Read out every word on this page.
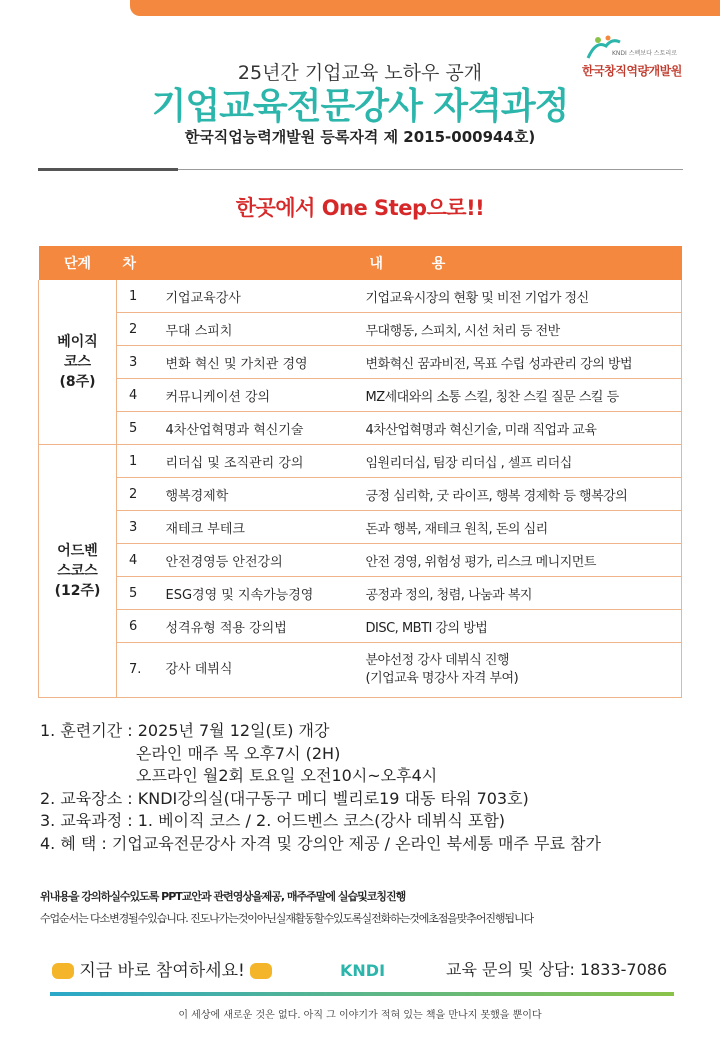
KNDI 스펙보다 스토리로
한국창직역량개발원
25년간 기업교육 노하우 공개
기업교육전문강사 자격과정
한국직업능력개발원 등록자격 제 2015-000944호)
한곳에서 One Step으로!!
단계	차		내          용
베이직
코스
(8주)	1	기업교육강사	기업교육시장의 현황 및 비전 기업가 정신
	2	무대 스피치	무대행동, 스피치, 시선 처리 등 전반
	3	변화 혁신 및 가치관 경영	변화혁신 꿈과비전, 목표 수립 성과관리 강의 방법
	4	커뮤니케이션 강의	MZ세대와의 소통 스킬, 칭찬 스킬 질문 스킬 등
	5	4차산업혁명과 혁신기술	4차산업혁명과 혁신기술, 미래 직업과 교육
어드벤
스코스
(12주)	1	리더십 및 조직관리 강의	임원리더십, 팀장 리더십 , 셀프 리더십
	2	행복경제학	긍정 심리학, 굿 라이프, 행복 경제학 등 행복강의
	3	재테크 부테크	돈과 행복, 재테크 원칙, 돈의 심리
	4	안전경영등 안전강의	안전 경영, 위험성 평가, 리스크 메니지먼트
	5	ESG경영 및 지속가능경영	공정과 정의, 청렴, 나눔과 복지
	6	성격유형 적용 강의법	DISC, MBTI 강의 방법
	7.	강사 데뷔식	분야선정 강사 데뷔식 진행
(기업교육 명강사 자격 부여)
1. 훈련기간 : 2025년 7월 12일(토) 개강
온라인 매주 목 오후7시 (2H)
오프라인 월2회 토요일 오전10시~오후4시
2. 교육장소 : KNDI강의실(대구동구 메디 벨리로19 대동 타워 703호)
3. 교육과정 : 1. 베이직 코스 / 2. 어드벤스 코스(강사 데뷔식 포함)
4. 혜 택 : 기업교육전문강사 자격 및 강의안 제공 / 온라인 북세통 매주 무료 참가
위내용을 강의하실수있도록 PPT교안과 관련영상을제공, 매주주말에 실습및코칭진행
수업순서는 다소변경될수있습니다. 진도나가는것이아닌실재활동할수있도록실전화하는것에초점을맞추어진행됩니다
지금 바로 참여하세요!	KNDI	교육 문의 및 상담: 1833-7086
이 세상에 새로운 것은 없다. 아직 그 이야기가 적혀 있는 책을 만나지 못했을 뿐이다
